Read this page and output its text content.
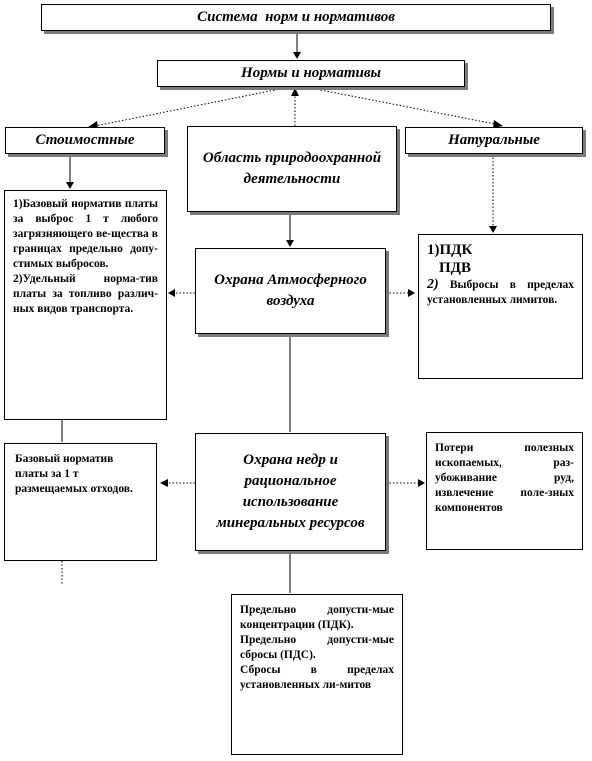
Система  норм и нормативов
Нормы и нормативы
Стоимостные	Натуральные
Область природоохранной деятельности

1)Базовый норматив платы за выброс 1 т любого загрязняющего ве-щества в границах предельно допу-стимых выбросов.

2)Удельный норма-тив платы за топливо различ-ных видов транспорта.

Охрана Атмосферного воздуха

1)ПДК

ПДВ

2) Выбросы в пределах установленных лимитов.

Базовый норматив платы за 1 т размещаемых отходов.

Охрана недр и рациональное использование минеральных ресурсов

Потери полезных ископаемых, раз-убоживание руд, извлечение поле-зных компонентов

Предельно допусти-мые концентрации (ПДК).

Предельно допусти-мые сбросы (ПДС).

Сбросы в пределах установленных ли-митов
